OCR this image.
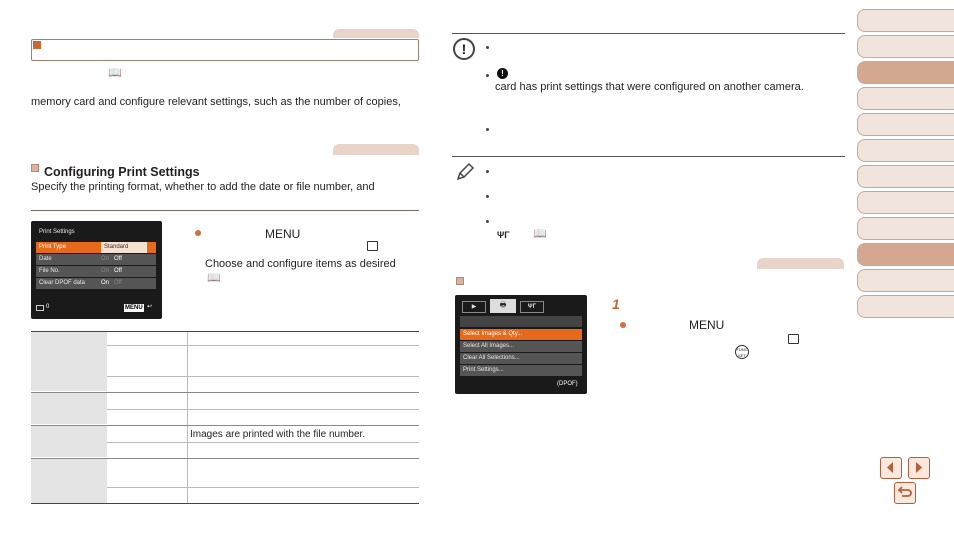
📖
memory card and configure relevant settings, such as the number of copies,
Configuring Print Settings
Specify the printing format, whether to add the date or file number, and
Print Settings
Print Type	Standard
Date	On Off
File No.	On Off
Clear DPOF data	On Off
0	MENU ↩
MENU
Choose and configure items as desired
📖
Images are printed with the file number.
!
!
card has print settings that were configured on another camera.
ΨΓ 📖
▶	🖶	ΨΓ
Select Images & Qty...
Select All Images...
Clear All Selections...
Print Settings...
(DPOF)
1
MENU
FUNC SET
